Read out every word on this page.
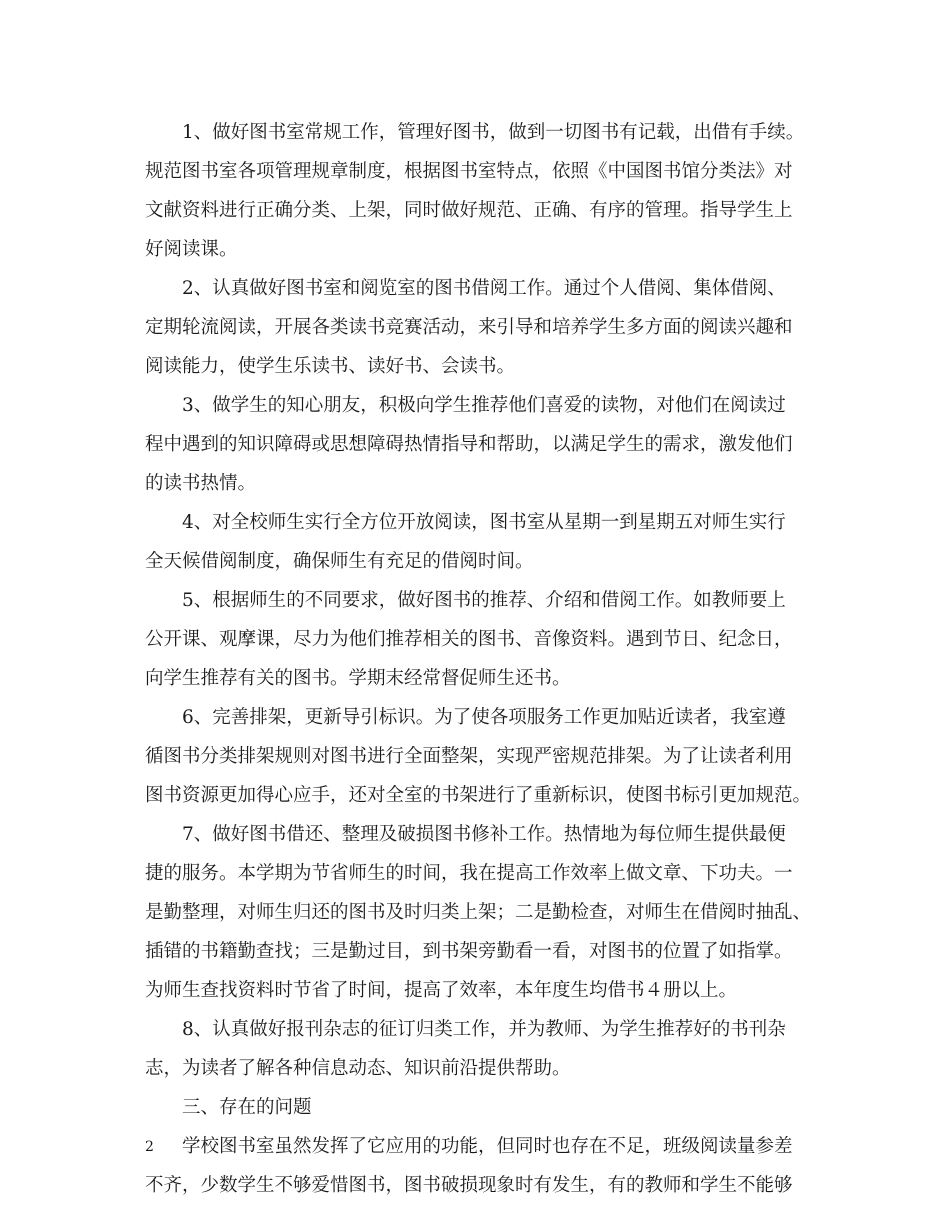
1、做好图书室常规工作，管理好图书，做到一切图书有记载，出借有手续。
规范图书室各项管理规章制度，根据图书室特点，依照《中国图书馆分类法》对
文献资料进行正确分类、上架，同时做好规范、正确、有序的管理。指导学生上
好阅读课。
2、认真做好图书室和阅览室的图书借阅工作。通过个人借阅、集体借阅、
定期轮流阅读，开展各类读书竞赛活动，来引导和培养学生多方面的阅读兴趣和
阅读能力，使学生乐读书、读好书、会读书。
3、做学生的知心朋友，积极向学生推荐他们喜爱的读物，对他们在阅读过
程中遇到的知识障碍或思想障碍热情指导和帮助，以满足学生的需求，激发他们
的读书热情。
4、对全校师生实行全方位开放阅读，图书室从星期一到星期五对师生实行
全天候借阅制度，确保师生有充足的借阅时间。
5、根据师生的不同要求，做好图书的推荐、介绍和借阅工作。如教师要上
公开课、观摩课，尽力为他们推荐相关的图书、音像资料。遇到节日、纪念日，
向学生推荐有关的图书。学期末经常督促师生还书。
6、完善排架，更新导引标识。为了使各项服务工作更加贴近读者，我室遵
循图书分类排架规则对图书进行全面整架，实现严密规范排架。为了让读者利用
图书资源更加得心应手，还对全室的书架进行了重新标识，使图书标引更加规范。
7、做好图书借还、整理及破损图书修补工作。热情地为每位师生提供最便
捷的服务。本学期为节省师生的时间，我在提高工作效率上做文章、下功夫。一
是勤整理，对师生归还的图书及时归类上架；二是勤检查，对师生在借阅时抽乱、
插错的书籍勤查找；三是勤过目，到书架旁勤看一看，对图书的位置了如指掌。
为师生查找资料时节省了时间，提高了效率，本年度生均借书４册以上。
8、认真做好报刊杂志的征订归类工作，并为教师、为学生推荐好的书刊杂
志，为读者了解各种信息动态、知识前沿提供帮助。
三、存在的问题
学校图书室虽然发挥了它应用的功能，但同时也存在不足，班级阅读量参差
不齐，少数学生不够爱惜图书，图书破损现象时有发生，有的教师和学生不能够
2
